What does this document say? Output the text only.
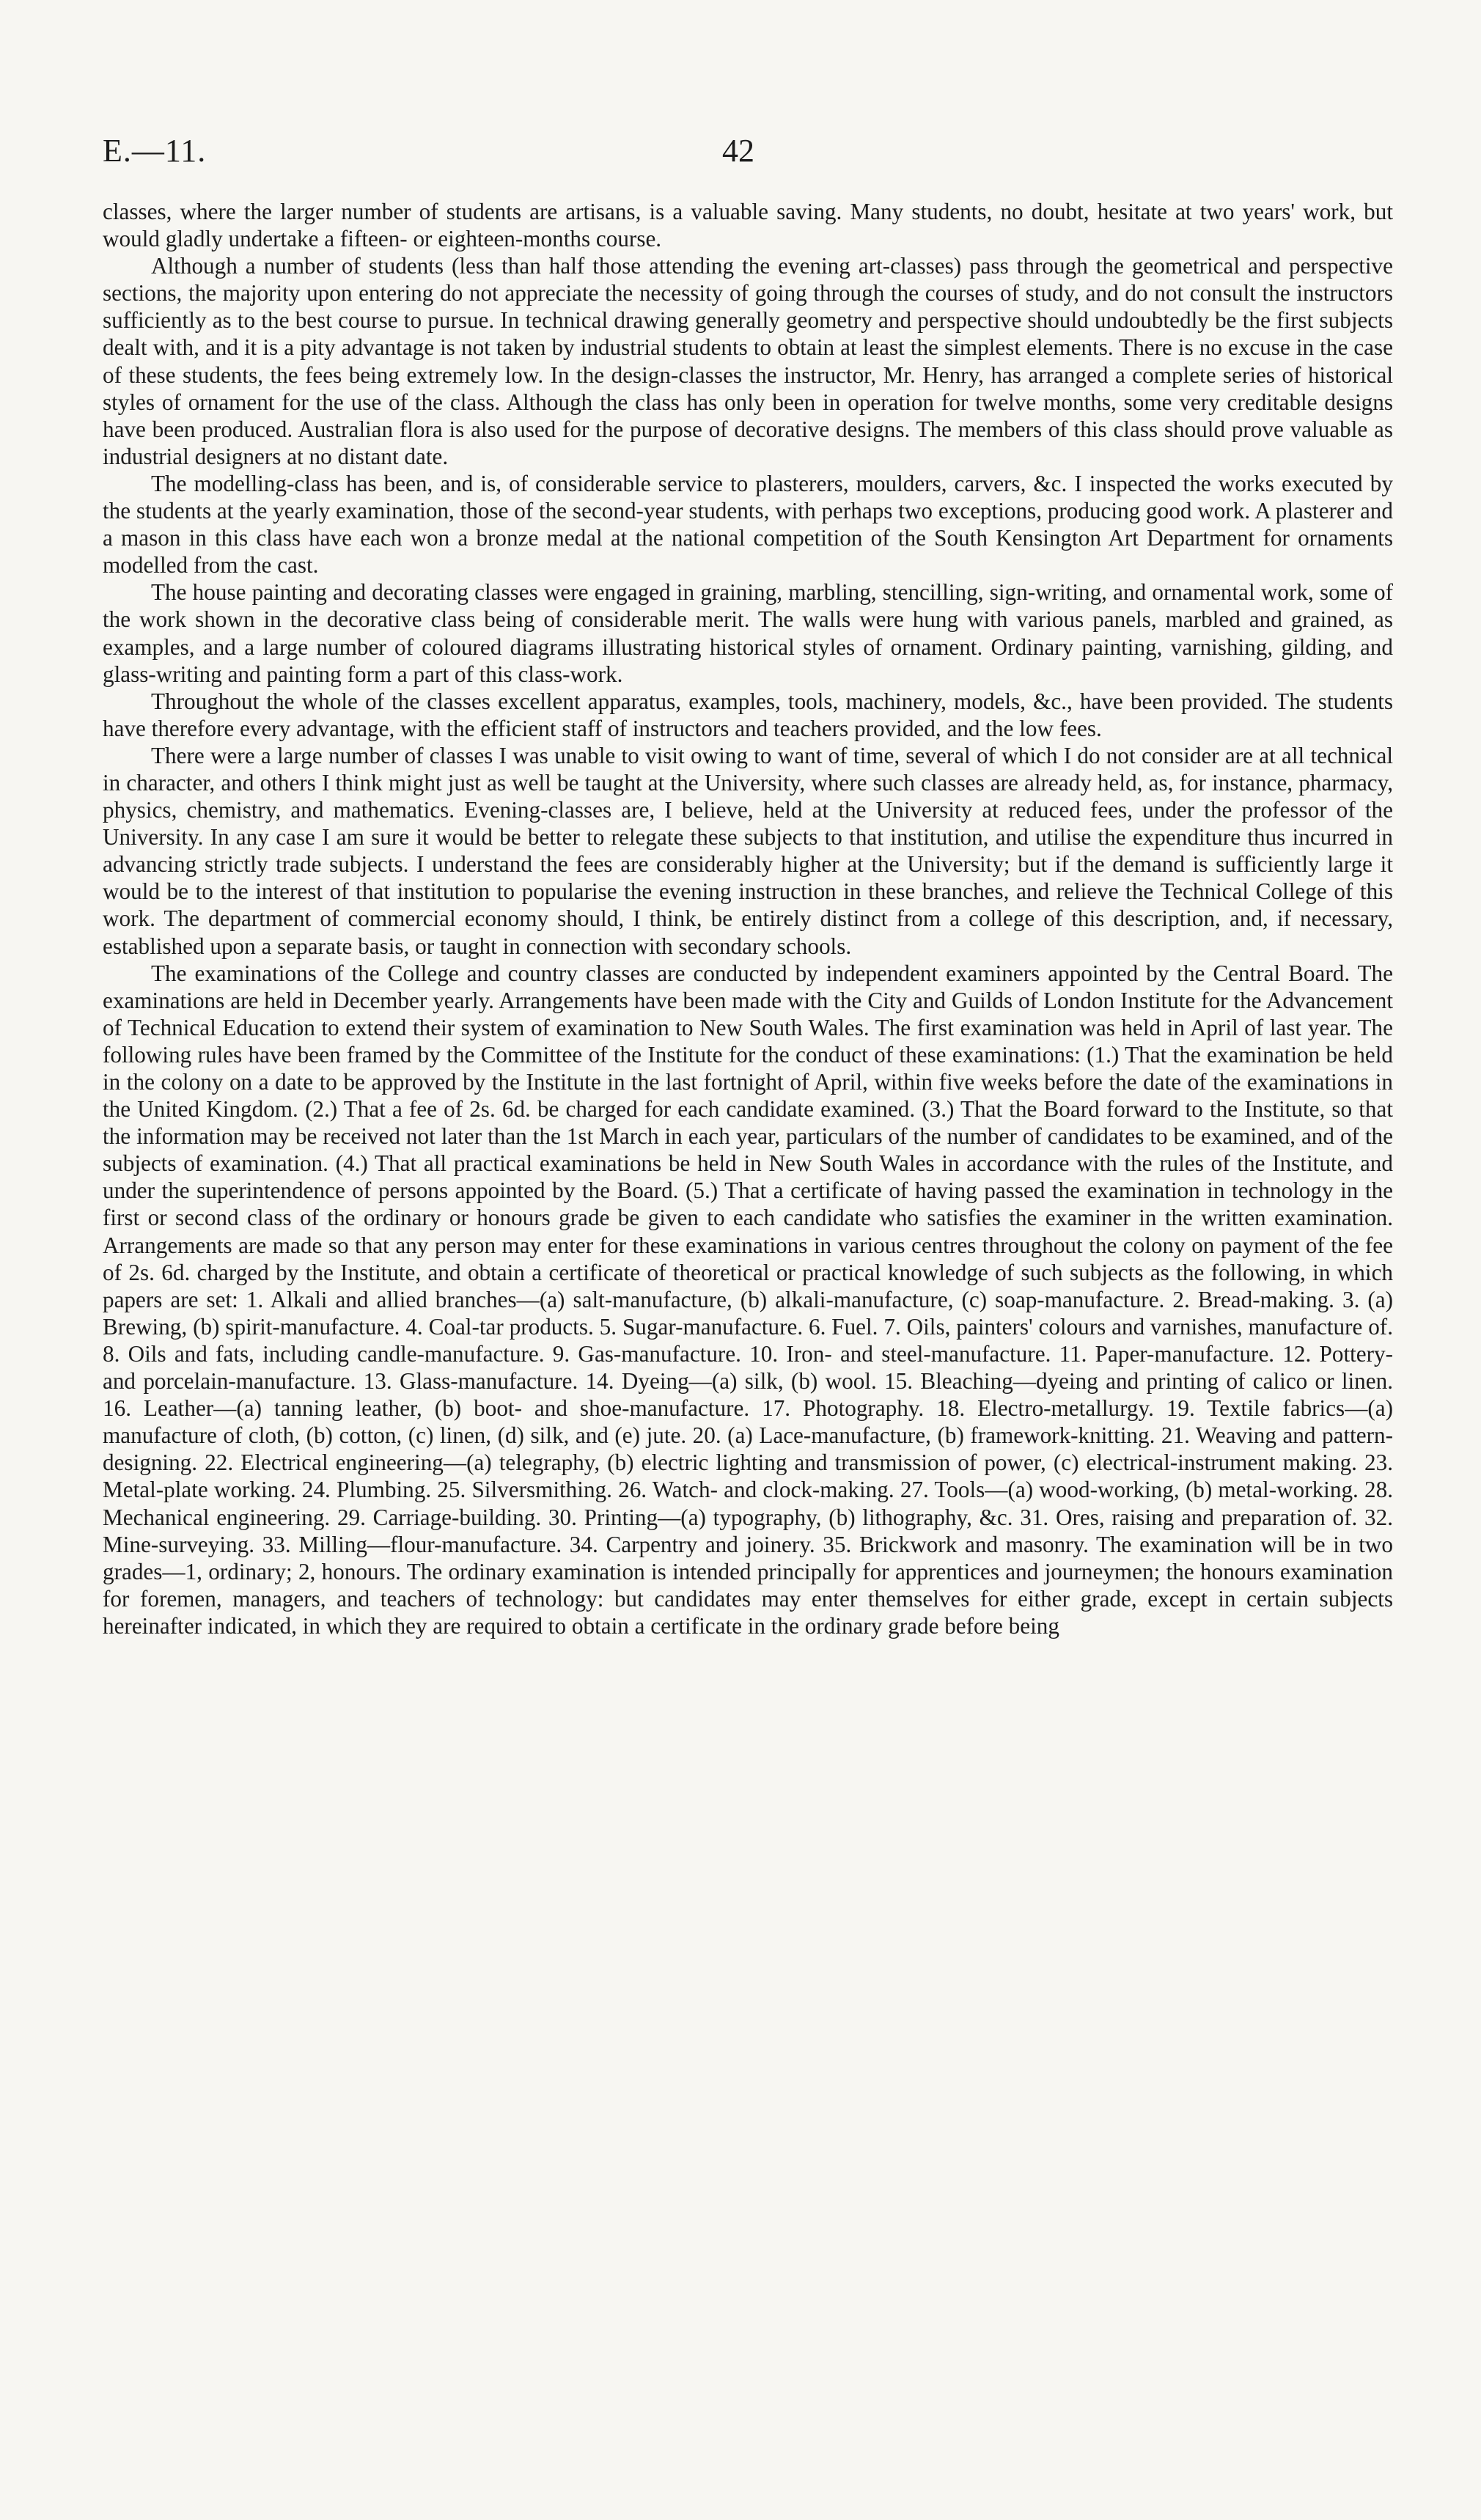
E.—11.	42

classes, where the larger number of students are artisans, is a valuable saving. Many students, no doubt, hesitate at two years' work, but would gladly undertake a fifteen- or eighteen-months course.

Although a number of students (less than half those attending the evening art-classes) pass through the geometrical and perspective sections, the majority upon entering do not appreciate the necessity of going through the courses of study, and do not consult the instructors sufficiently as to the best course to pursue. In technical drawing generally geometry and perspective should undoubtedly be the first subjects dealt with, and it is a pity advantage is not taken by industrial students to obtain at least the simplest elements. There is no excuse in the case of these students, the fees being extremely low. In the design-classes the instructor, Mr. Henry, has arranged a complete series of historical styles of ornament for the use of the class. Although the class has only been in operation for twelve months, some very creditable designs have been produced. Australian flora is also used for the purpose of decorative designs. The members of this class should prove valuable as industrial designers at no distant date.

The modelling-class has been, and is, of considerable service to plasterers, moulders, carvers, &c. I inspected the works executed by the students at the yearly examination, those of the second-year students, with perhaps two exceptions, producing good work. A plasterer and a mason in this class have each won a bronze medal at the national competition of the South Kensington Art Department for ornaments modelled from the cast.

The house painting and decorating classes were engaged in graining, marbling, stencilling, sign-writing, and ornamental work, some of the work shown in the decorative class being of considerable merit. The walls were hung with various panels, marbled and grained, as examples, and a large number of coloured diagrams illustrating historical styles of ornament. Ordinary painting, varnishing, gilding, and glass-writing and painting form a part of this class-work.

Throughout the whole of the classes excellent apparatus, examples, tools, machinery, models, &c., have been provided. The students have therefore every advantage, with the efficient staff of instructors and teachers provided, and the low fees.

There were a large number of classes I was unable to visit owing to want of time, several of which I do not consider are at all technical in character, and others I think might just as well be taught at the University, where such classes are already held, as, for instance, pharmacy, physics, chemistry, and mathematics. Evening-classes are, I believe, held at the University at reduced fees, under the professor of the University. In any case I am sure it would be better to relegate these subjects to that institution, and utilise the expenditure thus incurred in advancing strictly trade subjects. I understand the fees are considerably higher at the University; but if the demand is sufficiently large it would be to the interest of that institution to popularise the evening instruction in these branches, and relieve the Technical College of this work. The department of commercial economy should, I think, be entirely distinct from a college of this description, and, if necessary, established upon a separate basis, or taught in connection with secondary schools.

The examinations of the College and country classes are conducted by independent examiners appointed by the Central Board. The examinations are held in December yearly. Arrangements have been made with the City and Guilds of London Institute for the Advancement of Technical Education to extend their system of examination to New South Wales. The first examination was held in April of last year. The following rules have been framed by the Committee of the Institute for the conduct of these examinations: (1.) That the examination be held in the colony on a date to be approved by the Institute in the last fortnight of April, within five weeks before the date of the examinations in the United Kingdom. (2.) That a fee of 2s. 6d. be charged for each candidate examined. (3.) That the Board forward to the Institute, so that the information may be received not later than the 1st March in each year, particulars of the number of candidates to be examined, and of the subjects of examination. (4.) That all practical examinations be held in New South Wales in accordance with the rules of the Institute, and under the superintendence of persons appointed by the Board. (5.) That a certificate of having passed the examination in technology in the first or second class of the ordinary or honours grade be given to each candidate who satisfies the examiner in the written examination. Arrangements are made so that any person may enter for these examinations in various centres throughout the colony on payment of the fee of 2s. 6d. charged by the Institute, and obtain a certificate of theoretical or practical knowledge of such subjects as the following, in which papers are set: 1. Alkali and allied branches—(a) salt-manufacture, (b) alkali-manufacture, (c) soap-manufacture. 2. Bread-making. 3. (a) Brewing, (b) spirit-manufacture. 4. Coal-tar products. 5. Sugar-manufacture. 6. Fuel. 7. Oils, painters' colours and varnishes, manufacture of. 8. Oils and fats, including candle-manufacture. 9. Gas-manufacture. 10. Iron- and steel-manufacture. 11. Paper-manufacture. 12. Pottery- and porcelain-manufacture. 13. Glass-manufacture. 14. Dyeing—(a) silk, (b) wool. 15. Bleaching—dyeing and printing of calico or linen. 16. Leather—(a) tanning leather, (b) boot- and shoe-manufacture. 17. Photography. 18. Electro-metallurgy. 19. Textile fabrics—(a) manufacture of cloth, (b) cotton, (c) linen, (d) silk, and (e) jute. 20. (a) Lace-manufacture, (b) framework-knitting. 21. Weaving and pattern-designing. 22. Electrical engineering—(a) telegraphy, (b) electric lighting and transmission of power, (c) electrical-instrument making. 23. Metal-plate working. 24. Plumbing. 25. Silversmithing. 26. Watch- and clock-making. 27. Tools—(a) wood-working, (b) metal-working. 28. Mechanical engineering. 29. Carriage-building. 30. Printing—(a) typography, (b) lithography, &c. 31. Ores, raising and preparation of. 32. Mine-surveying. 33. Milling—flour-manufacture. 34. Carpentry and joinery. 35. Brickwork and masonry. The examination will be in two grades—1, ordinary; 2, honours. The ordinary examination is intended principally for apprentices and journeymen; the honours examination for foremen, managers, and teachers of technology: but candidates may enter themselves for either grade, except in certain subjects hereinafter indicated, in which they are required to obtain a certificate in the ordinary grade before being
